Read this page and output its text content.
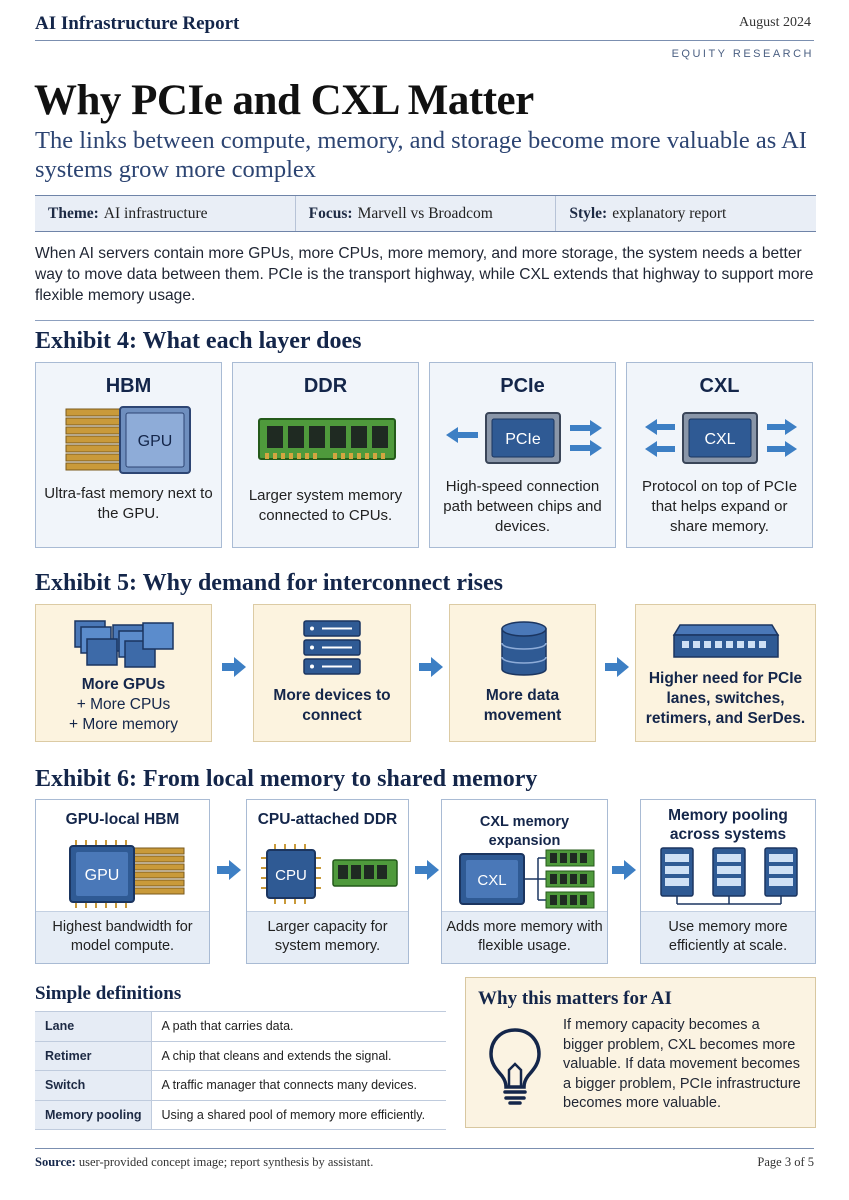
AI Infrastructure Report	August 2024
EQUITY RESEARCH
Why PCIe and CXL Matter
The links between compute, memory, and storage become more valuable as AI systems grow more complex
Theme: AI infrastructure	Focus: Marvell vs Broadcom	Style: explanatory report

When AI servers contain more GPUs, more CPUs, more memory, and more storage, the system needs a better way to move data between them. PCIe is the transport highway, while CXL extends that highway to support more flexible memory usage.

Exhibit 4: What each layer does
HBM
GPU
Ultra-fast memory next to the GPU.
DDR
Larger system memory connected to CPUs.
PCIe
PCIe
High-speed connection path between chips and devices.
CXL
CXL
Protocol on top of PCIe that helps expand or share memory.
Exhibit 5: Why demand for interconnect rises
More GPUs
+ More CPUs
+ More memory
More devices to connect
More data movement
Higher need for PCIe lanes, switches, retimers, and SerDes.
Exhibit 6: From local memory to shared memory
GPU-local HBM
GPU
Highest bandwidth for model compute.
CPU-attached DDR
CPU
Larger capacity for system memory.
CXL memory expansion
CXL
Adds more memory with flexible usage.
Memory pooling across systems
Use memory more efficiently at scale.
Simple definitions
Lane	A path that carries data.
Retimer	A chip that cleans and extends the signal.
Switch	A traffic manager that connects many devices.
Memory pooling	Using a shared pool of memory more efficiently.
Why this matters for AI

If memory capacity becomes a bigger problem, CXL becomes more valuable. If data movement becomes a bigger problem, PCIe infrastructure becomes more valuable.

Source: user-provided concept image; report synthesis by assistant.	Page 3 of 5
